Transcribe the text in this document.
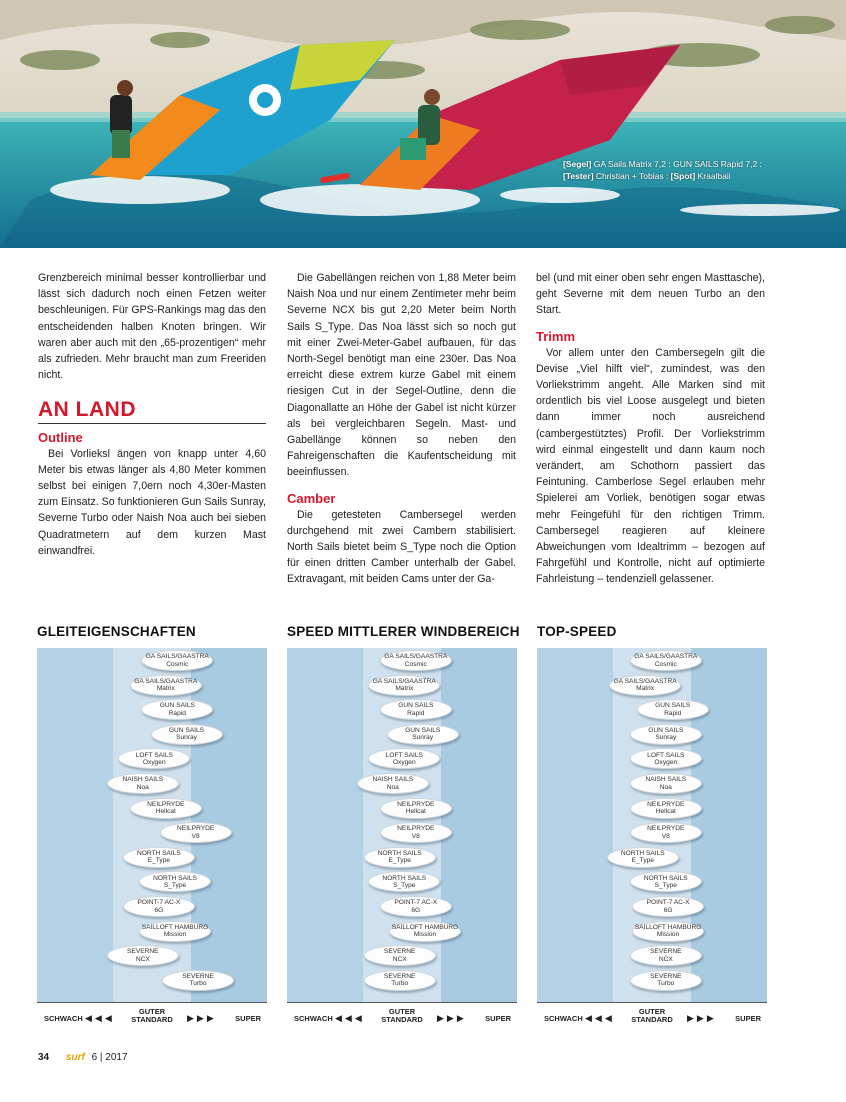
[Segel] GA Sails Matrix 7,2 : GUN SAILS Rapid 7,2 :
[Tester] Christian + Tobias : [Spot] Kraalbaii

Grenzbereich minimal besser kontrollierbar und lässt sich dadurch noch einen Fetzen weiter beschleunigen. Für GPS-Rankings mag das den entscheidenden halben Knoten bringen. Wir waren aber auch mit den „65-prozentigen“ mehr als zufrieden. Mehr braucht man zum Freeriden nicht.

AN LAND
Outline

Bei Vorlieksl ängen von knapp unter 4,60 Meter bis etwas länger als 4,80 Meter kommen selbst bei einigen 7,0ern noch 4,30er-Masten zum Einsatz. So funktionieren Gun Sails Sunray, Severne Turbo oder Naish Noa auch bei sieben Quadratmetern auf dem kurzen Mast einwandfrei.

Die Gabellängen reichen von 1,88 Meter beim Naish Noa und nur einem Zentimeter mehr beim Severne NCX bis gut 2,20 Meter beim North Sails S_Type. Das Noa lässt sich so noch gut mit einer Zwei-Meter-Gabel aufbauen, für das North-Segel benötigt man eine 230er. Das Noa erreicht diese extrem kurze Gabel mit einem riesigen Cut in der Segel-Outline, denn die Diagonallatte an Höhe der Gabel ist nicht kürzer als bei vergleichbaren Segeln. Mast- und Gabellänge können so neben den Fahreigenschaften die Kaufentscheidung mit beeinflussen.

Camber

Die getesteten Cambersegel werden durchgehend mit zwei Cambern stabilisiert. North Sails bietet beim S_Type noch die Option für einen dritten Camber unterhalb der Gabel. Extravagant, mit beiden Cams unter der Ga-

bel (und mit einer oben sehr engen Masttasche), geht Severne mit dem neuen Turbo an den Start.

Trimm

Vor allem unter den Cambersegeln gilt die Devise „Viel hilft viel“, zumindest, was den Vorliekstrimm angeht. Alle Marken sind mit ordentlich bis viel Loose ausgelegt und bieten dann immer noch ausreichend (cambergestütztes) Profil. Der Vorliekstrimm wird einmal eingestellt und dann kaum noch verändert, am Schothorn passiert das Feintuning. Camberlose Segel erlauben mehr Spielerei am Vorliek, benötigen sogar etwas mehr Feingefühl für den richtigen Trimm. Cambersegel reagieren auf kleinere Abweichungen vom Idealtrimm – bezogen auf Fahrgefühl und Kontrolle, nicht auf optimierte Fahrleistung – tendenziell gelassener.

GLEITEIGENSCHAFTEN
GA SAILS/GAASTRA
Cosmic
GA SAILS/GAASTRA
Matrix
GUN SAILS
Rapid
GUN SAILS
Sunray
LOFT SAILS
Oxygen
NAISH SAILS
Noa
NEILPRYDE
Hellcat
NEILPRYDE
V8
NORTH SAILS
E_Type
NORTH SAILS
S_Type
POINT-7 AC-X
6G
SAILLOFT HAMBURG
Mission
SEVERNE
NCX
SEVERNE
Turbo
SCHWACH ◀◀◀
GUTER STANDARD	▶▶▶ SUPER
SPEED MITTLERER WINDBEREICH
GA SAILS/GAASTRA
Cosmic
GA SAILS/GAASTRA
Matrix
GUN SAILS
Rapid
GUN SAILS
Sunray
LOFT SAILS
Oxygen
NAISH SAILS
Noa
NEILPRYDE
Hellcat
NEILPRYDE
V8
NORTH SAILS
E_Type
NORTH SAILS
S_Type
POINT-7 AC-X
6G
SAILLOFT HAMBURG
Mission
SEVERNE
NCX
SEVERNE
Turbo
SCHWACH ◀◀◀
GUTER STANDARD	▶▶▶ SUPER
TOP-SPEED
GA SAILS/GAASTRA
Cosmic
GA SAILS/GAASTRA
Matrix
GUN SAILS
Rapid
GUN SAILS
Sunray
LOFT SAILS
Oxygen
NAISH SAILS
Noa
NEILPRYDE
Hellcat
NEILPRYDE
V8
NORTH SAILS
E_Type
NORTH SAILS
S_Type
POINT-7 AC-X
6G
SAILLOFT HAMBURG
Mission
SEVERNE
NCX
SEVERNE
Turbo
SCHWACH ◀◀◀
GUTER STANDARD	▶▶▶ SUPER
34 surf 6 | 2017
